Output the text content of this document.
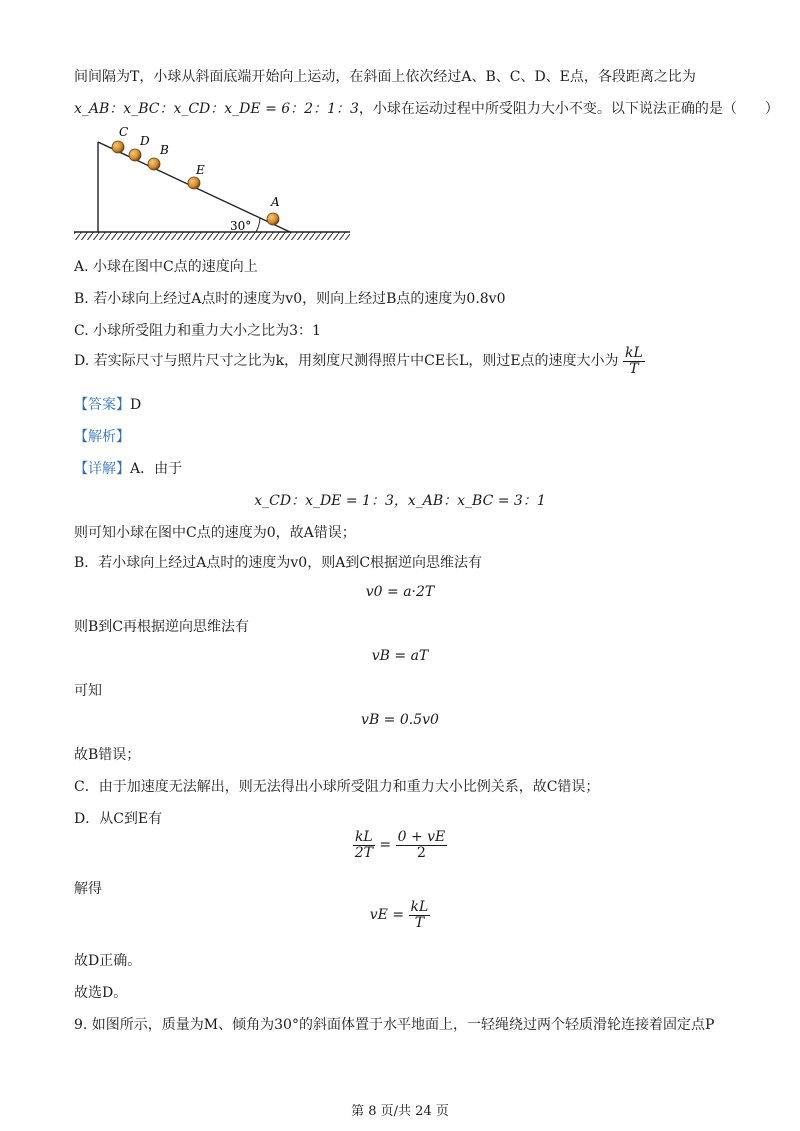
间间隔为T，小球从斜面底端开始向上运动，在斜面上依次经过A、B、C、D、E点，各段距离之比为
x_AB：x_BC：x_CD：x_DE = 6：2：1：3，小球在运动过程中所受阻力大小不变。以下说法正确的是（　　）
30°
C
D
B
E
A
A. 小球在图中C点的速度向上
B. 若小球向上经过A点时的速度为v0，则向上经过B点的速度为0.8v0
C. 小球所受阻力和重力大小之比为3：1
D. 若实际尺寸与照片尺寸之比为k，用刻度尺测得照片中CE长L，则过E点的速度大小为 $\frac{kL}{T}$
【答案】D
【解析】
【详解】A．由于
x_CD：x_DE = 1：3，x_AB：x_BC = 3：1
则可知小球在图中C点的速度为0，故A错误；
B．若小球向上经过A点时的速度为v0，则A到C根据逆向思维法有
v0 = a·2T
则B到C再根据逆向思维法有
vB = aT
可知
vB = 0.5v0
故B错误；
C．由于加速度无法解出，则无法得出小球所受阻力和重力大小比例关系，故C错误；
D．从C到E有
$\frac{kL}{2T} = \frac{0 + vE}{2}$
解得
vE = $\frac{kL}{T}$
故D正确。
故选D。
9. 如图所示，质量为M、倾角为30°的斜面体置于水平地面上，一轻绳绕过两个轻质滑轮连接着固定点P
第 8 页/共 24 页
